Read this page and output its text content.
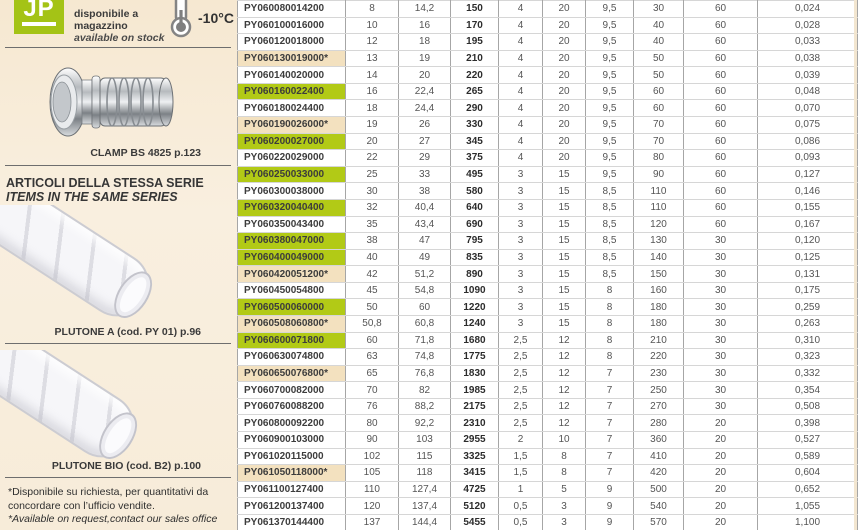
JP disponibile a magazzino
available on stock
-10°C
CLAMP BS 4825 p.123
ARTICOLI DELLA STESSA SERIE
ITEMS IN THE SAME SERIES
PLUTONE A (cod. PY 01) p.96
PLUTONE BIO (cod. B2) p.100
*Disponibile su richiesta, per quantitativi da concordare con l’ufficio vendite.
*Available on request,contact our sales office
PY060080014200	8	14,2	150	4	20	9,5	30	60	0,024
PY060100016000	10	16	170	4	20	9,5	40	60	0,028
PY060120018000	12	18	195	4	20	9,5	40	60	0,033
PY060130019000*	13	19	210	4	20	9,5	50	60	0,038
PY060140020000	14	20	220	4	20	9,5	50	60	0,039
PY060160022400	16	22,4	265	4	20	9,5	60	60	0,048
PY060180024400	18	24,4	290	4	20	9,5	60	60	0,070
PY060190026000*	19	26	330	4	20	9,5	70	60	0,075
PY060200027000	20	27	345	4	20	9,5	70	60	0,086
PY060220029000	22	29	375	4	20	9,5	80	60	0,093
PY060250033000	25	33	495	3	15	9,5	90	60	0,127
PY060300038000	30	38	580	3	15	8,5	110	60	0,146
PY060320040400	32	40,4	640	3	15	8,5	110	60	0,155
PY060350043400	35	43,4	690	3	15	8,5	120	60	0,167
PY060380047000	38	47	795	3	15	8,5	130	30	0,120
PY060400049000	40	49	835	3	15	8,5	140	30	0,125
PY060420051200*	42	51,2	890	3	15	8,5	150	30	0,131
PY060450054800	45	54,8	1090	3	15	8	160	30	0,175
PY060500060000	50	60	1220	3	15	8	180	30	0,259
PY060508060800*	50,8	60,8	1240	3	15	8	180	30	0,263
PY060600071800	60	71,8	1680	2,5	12	8	210	30	0,310
PY060630074800	63	74,8	1775	2,5	12	8	220	30	0,323
PY060650076800*	65	76,8	1830	2,5	12	7	230	30	0,332
PY060700082000	70	82	1985	2,5	12	7	250	30	0,354
PY060760088200	76	88,2	2175	2,5	12	7	270	30	0,508
PY060800092200	80	92,2	2310	2,5	12	7	280	20	0,398
PY060900103000	90	103	2955	2	10	7	360	20	0,527
PY061020115000	102	115	3325	1,5	8	7	410	20	0,589
PY061050118000*	105	118	3415	1,5	8	7	420	20	0,604
PY061100127400	110	127,4	4725	1	5	9	500	20	0,652
PY061200137400	120	137,4	5120	0,5	3	9	540	20	1,055
PY061370144400	137	144,4	5455	0,5	3	9	570	20	1,100
